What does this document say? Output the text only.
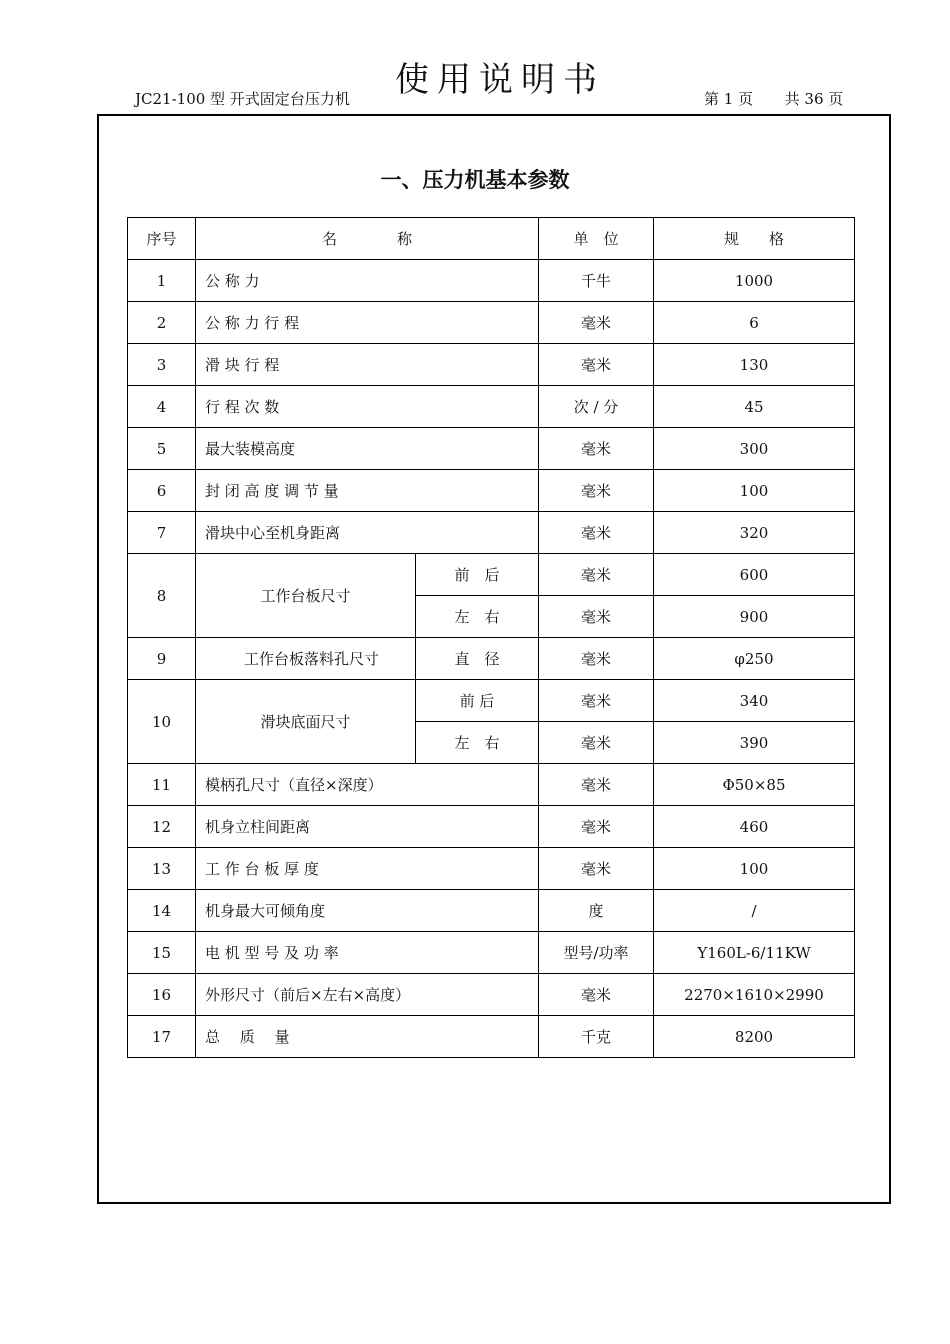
JC21-100 型 开式固定台压力机	使用说明书	第 1 页 共 36 页
一、压力机基本参数
序号	名　　　　称		单　位	规　　格
1	公 称 力		千牛	1000
2	公 称 力 行 程		毫米	6
3	滑 块 行 程		毫米	130
4	行 程 次 数		次 / 分	45
5	最大装模高度		毫米	300
6	封 闭 高 度 调 节 量		毫米	100
7	滑块中心至机身距离		毫米	320
8	工作台板尺寸	前　后	毫米	600
		左　右	毫米	900
9	工作台板落料孔尺寸	直　径	毫米	φ250
10	滑块底面尺寸	前 后	毫米	340
		左　右	毫米	390
11	模柄孔尺寸（直径×深度）		毫米	Φ50×85
12	机身立柱间距离		毫米	460
13	工 作 台 板 厚 度		毫米	100
14	机身最大可倾角度		度	/
15	电 机 型 号 及 功 率		型号/功率	Y160L-6/11KW
16	外形尺寸（前后×左右×高度）		毫米	2270×1610×2990
17	总　 质　 量		千克	8200
